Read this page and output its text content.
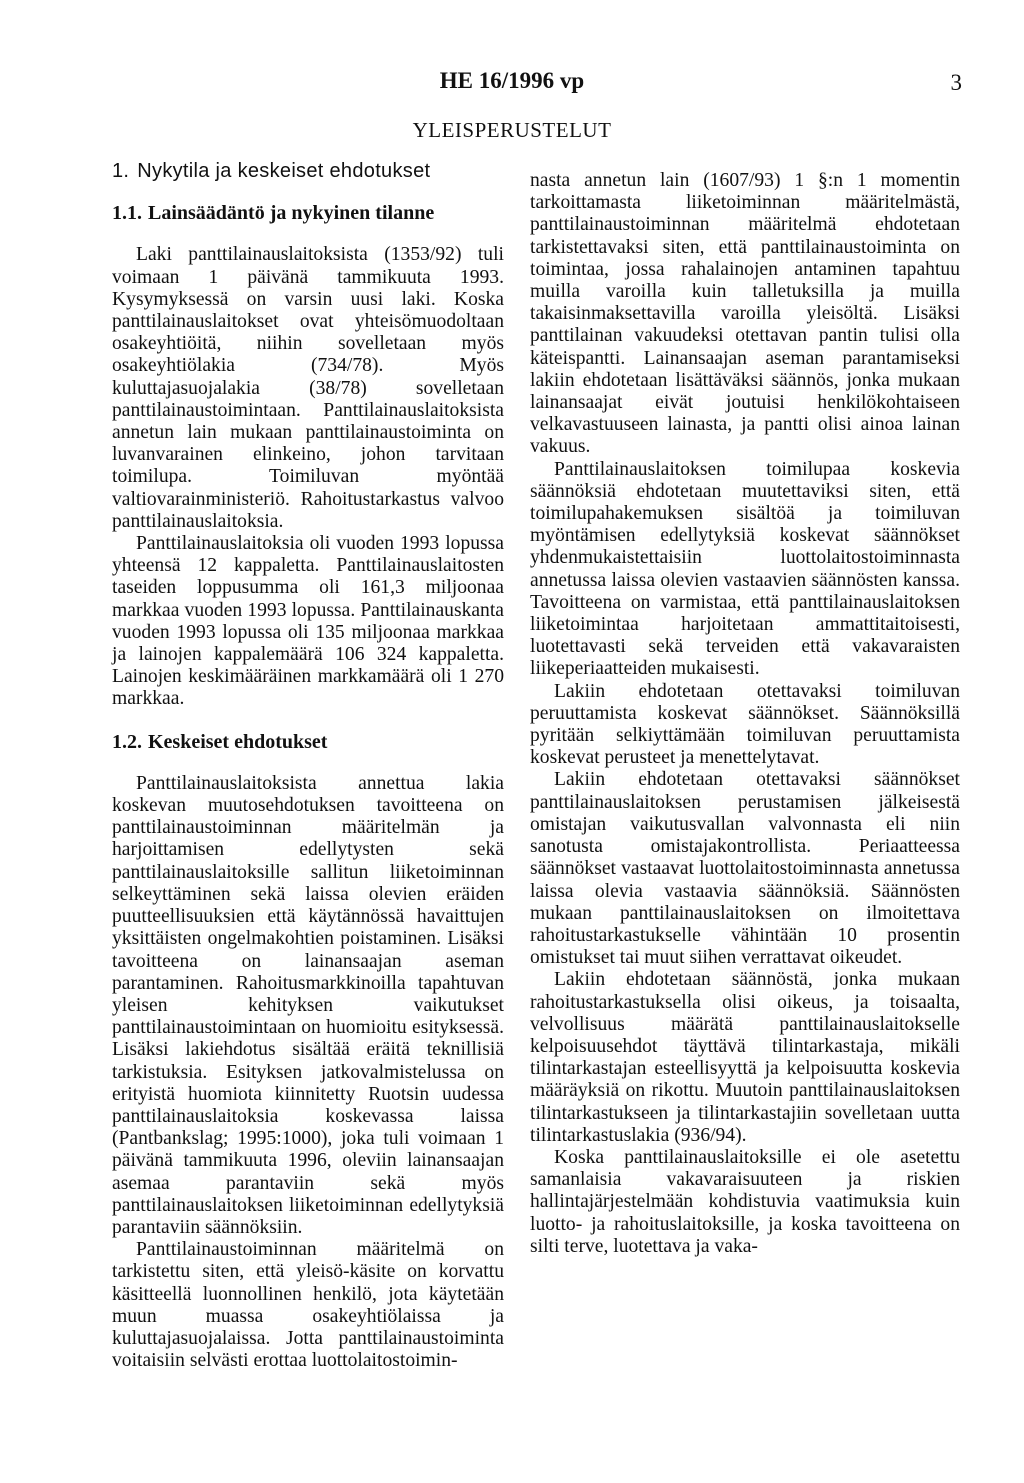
HE 16/1996 vp	3
YLEISPERUSTELUT
1. Nykytila ja keskeiset ehdotukset
1.1. Lainsäädäntö ja nykyinen tilanne

Laki panttilainauslaitoksista (1353/92) tuli voimaan 1 päivänä tammikuuta 1993. Kysymyksessä on varsin uusi laki. Koska panttilainauslaitokset ovat yhteisömuodoltaan osakeyhtiöitä, niihin sovelletaan myös osakeyhtiölakia (734/78). Myös kuluttajasuojalakia (38/78) sovelletaan panttilainaustoimintaan. Panttilainauslaitoksista annetun lain mukaan panttilainaustoiminta on luvanvarainen elinkeino, johon tarvitaan toimilupa. Toimiluvan myöntää valtiovarainministeriö. Rahoitustarkastus valvoo panttilainauslaitoksia.

Panttilainauslaitoksia oli vuoden 1993 lopussa yhteensä 12 kappaletta. Panttilainauslaitosten taseiden loppusumma oli 161,3 miljoonaa markkaa vuoden 1993 lopussa. Panttilainauskanta vuoden 1993 lopussa oli 135 miljoonaa markkaa ja lainojen kappalemäärä 106 324 kappaletta. Lainojen keskimääräinen markkamäärä oli 1 270 markkaa.

1.2. Keskeiset ehdotukset

Panttilainauslaitoksista annettua lakia koskevan muutosehdotuksen tavoitteena on panttilainaustoiminnan määritelmän ja harjoittamisen edellytysten sekä panttilainauslaitoksille sallitun liiketoiminnan selkeyttäminen sekä laissa olevien eräiden puutteellisuuksien että käytännössä havaittujen yksittäisten ongelmakohtien poistaminen. Lisäksi tavoitteena on lainansaajan aseman parantaminen. Rahoitusmarkkinoilla tapahtuvan yleisen kehityksen vaikutukset panttilainaustoimintaan on huomioitu esityksessä. Lisäksi lakiehdotus sisältää eräitä teknillisiä tarkistuksia. Esityksen jatkovalmistelussa on erityistä huomiota kiinnitetty Ruotsin uudessa panttilainauslaitoksia koskevassa laissa (Pantbankslag; 1995:1000), joka tuli voimaan 1 päivänä tammikuuta 1996, oleviin lainansaajan asemaa parantaviin sekä myös panttilainauslaitoksen liiketoiminnan edellytyksiä parantaviin säännöksiin.

Panttilainaustoiminnan määritelmä on tarkistettu siten, että yleisö-käsite on korvattu käsitteellä luonnollinen henkilö, jota käytetään muun muassa osakeyhtiölaissa ja kuluttajasuojalaissa. Jotta panttilainaustoiminta voitaisiin selvästi erottaa luottolaitostoimin-

nasta annetun lain (1607/93) 1 §:n 1 momentin tarkoittamasta liiketoiminnan määritelmästä, panttilainaustoiminnan määritelmä ehdotetaan tarkistettavaksi siten, että panttilainaustoiminta on toimintaa, jossa rahalainojen antaminen tapahtuu muilla varoilla kuin talletuksilla ja muilla takaisinmaksettavilla varoilla yleisöltä. Lisäksi panttilainan vakuudeksi otettavan pantin tulisi olla käteispantti. Lainansaajan aseman parantamiseksi lakiin ehdotetaan lisättäväksi säännös, jonka mukaan lainansaajat eivät joutuisi henkilökohtaiseen velkavastuuseen lainasta, ja pantti olisi ainoa lainan vakuus.

Panttilainauslaitoksen toimilupaa koskevia säännöksiä ehdotetaan muutettaviksi siten, että toimilupahakemuksen sisältöä ja toimiluvan myöntämisen edellytyksiä koskevat säännökset yhdenmukaistettaisiin luottolaitostoiminnasta annetussa laissa olevien vastaavien säännösten kanssa. Tavoitteena on varmistaa, että panttilainauslaitoksen liiketoimintaa harjoitetaan ammattitaitoisesti, luotettavasti sekä terveiden että vakavaraisten liikeperiaatteiden mukaisesti.

Lakiin ehdotetaan otettavaksi toimiluvan peruuttamista koskevat säännökset. Säännöksillä pyritään selkiyttämään toimiluvan peruuttamista koskevat perusteet ja menettelytavat.

Lakiin ehdotetaan otettavaksi säännökset panttilainauslaitoksen perustamisen jälkeisestä omistajan vaikutusvallan valvonnasta eli niin sanotusta omistajakontrollista. Periaatteessa säännökset vastaavat luottolaitostoiminnasta annetussa laissa olevia vastaavia säännöksiä. Säännösten mukaan panttilainauslaitoksen on ilmoitettava rahoitustarkastukselle vähintään 10 prosentin omistukset tai muut siihen verrattavat oikeudet.

Lakiin ehdotetaan säännöstä, jonka mukaan rahoitustarkastuksella olisi oikeus, ja toisaalta, velvollisuus määrätä panttilainauslaitokselle kelpoisuusehdot täyttävä tilintarkastaja, mikäli tilintarkastajan esteellisyyttä ja kelpoisuutta koskevia määräyksiä on rikottu. Muutoin panttilainauslaitoksen tilintarkastukseen ja tilintarkastajiin sovelletaan uutta tilintarkastuslakia (936/94).

Koska panttilainauslaitoksille ei ole asetettu samanlaisia vakavaraisuuteen ja riskien hallintajärjestelmään kohdistuvia vaatimuksia kuin luotto- ja rahoituslaitoksille, ja koska tavoitteena on silti terve, luotettava ja vaka-
